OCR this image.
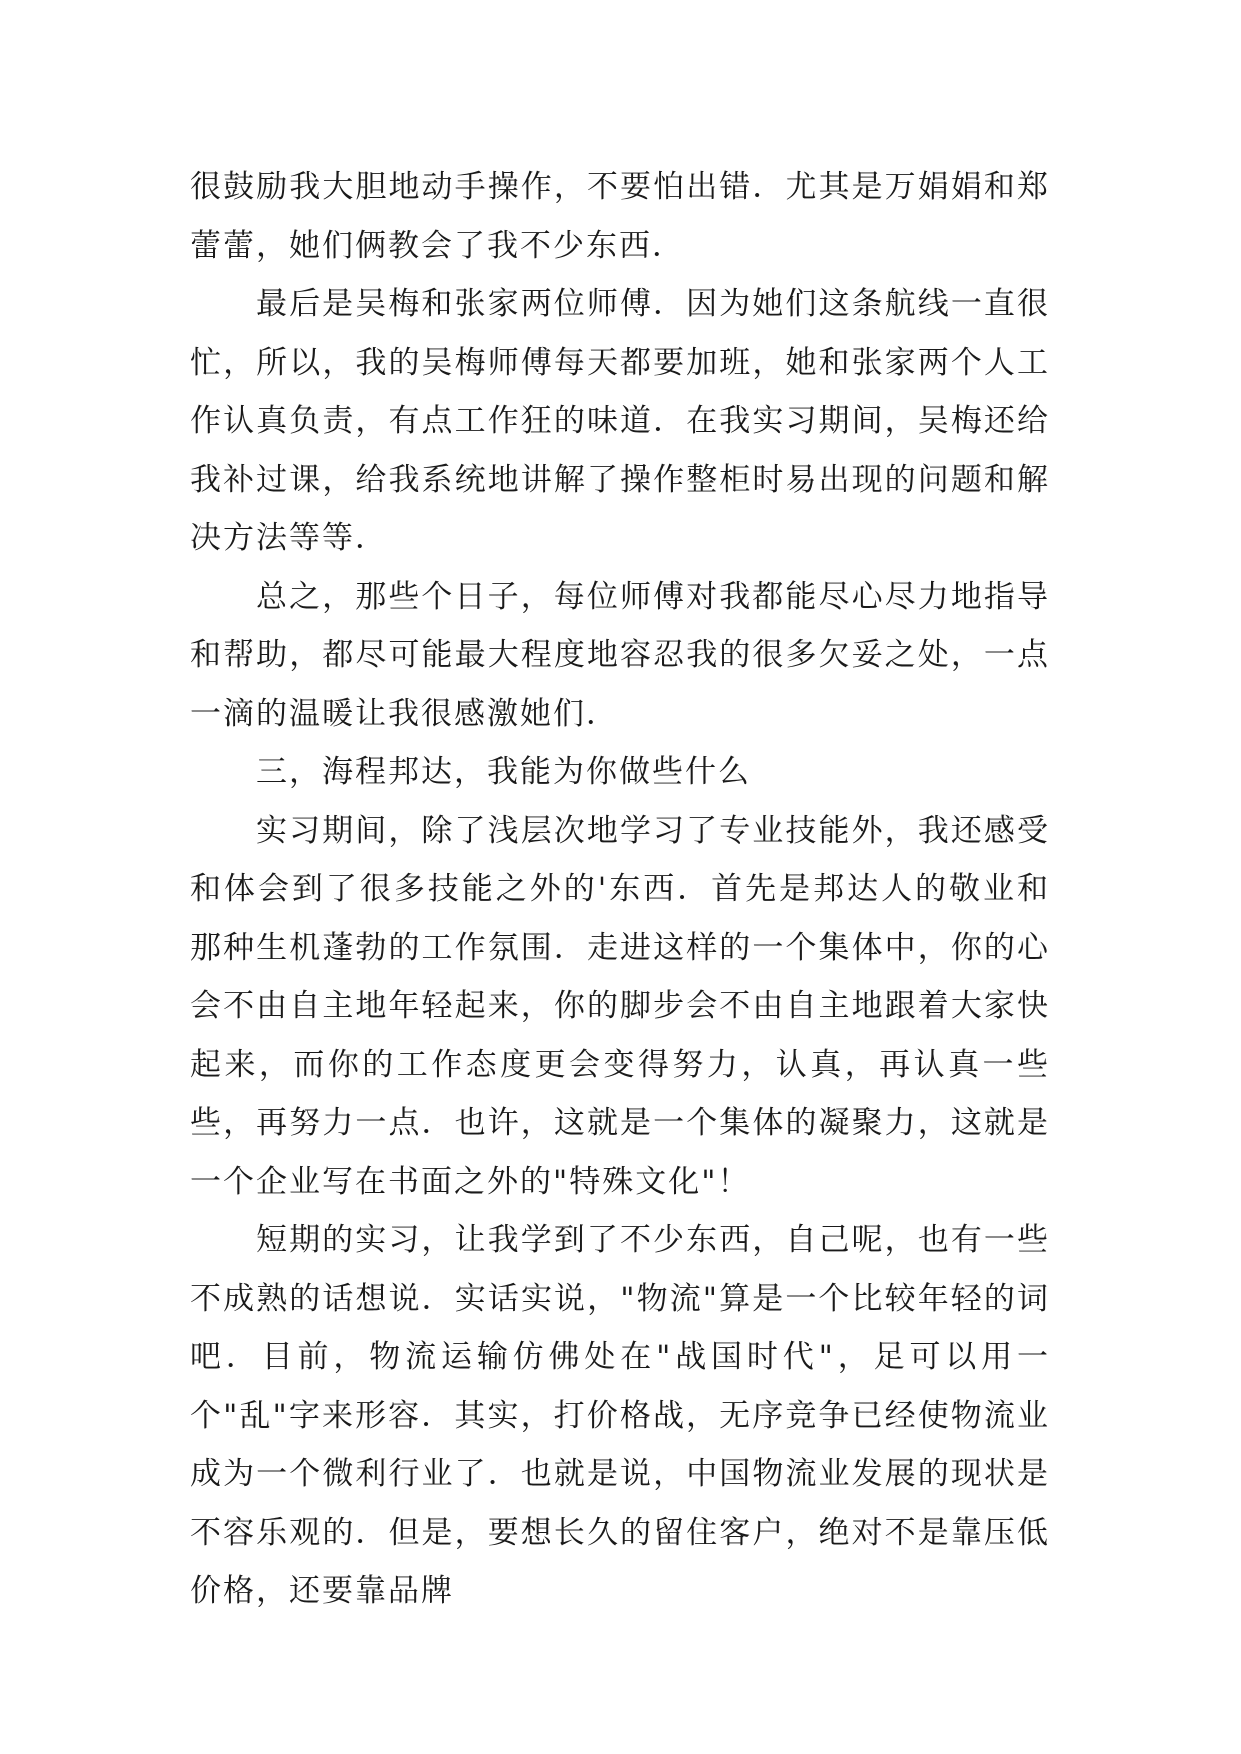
很鼓励我大胆地动手操作，不要怕出错．尤其是万娟娟和郑蕾蕾，她们俩教会了我不少东西．

最后是吴梅和张家两位师傅．因为她们这条航线一直很忙，所以，我的吴梅师傅每天都要加班，她和张家两个人工作认真负责，有点工作狂的味道．在我实习期间，吴梅还给我补过课，给我系统地讲解了操作整柜时易出现的问题和解决方法等等．

总之，那些个日子，每位师傅对我都能尽心尽力地指导和帮助，都尽可能最大程度地容忍我的很多欠妥之处，一点一滴的温暖让我很感激她们．

三，海程邦达，我能为你做些什么

实习期间，除了浅层次地学习了专业技能外，我还感受和体会到了很多技能之外的'东西．首先是邦达人的敬业和那种生机蓬勃的工作氛围．走进这样的一个集体中，你的心会不由自主地年轻起来，你的脚步会不由自主地跟着大家快起来，而你的工作态度更会变得努力，认真，再认真一些些，再努力一点．也许，这就是一个集体的凝聚力，这就是一个企业写在书面之外的"特殊文化"！

短期的实习，让我学到了不少东西，自己呢，也有一些不成熟的话想说．实话实说，"物流"算是一个比较年轻的词吧．目前，物流运输仿佛处在"战国时代"，足可以用一个"乱"字来形容．其实，打价格战，无序竞争已经使物流业成为一个微利行业了．也就是说，中国物流业发展的现状是不容乐观的．但是，要想长久的留住客户，绝对不是靠压低价格，还要靠品牌
